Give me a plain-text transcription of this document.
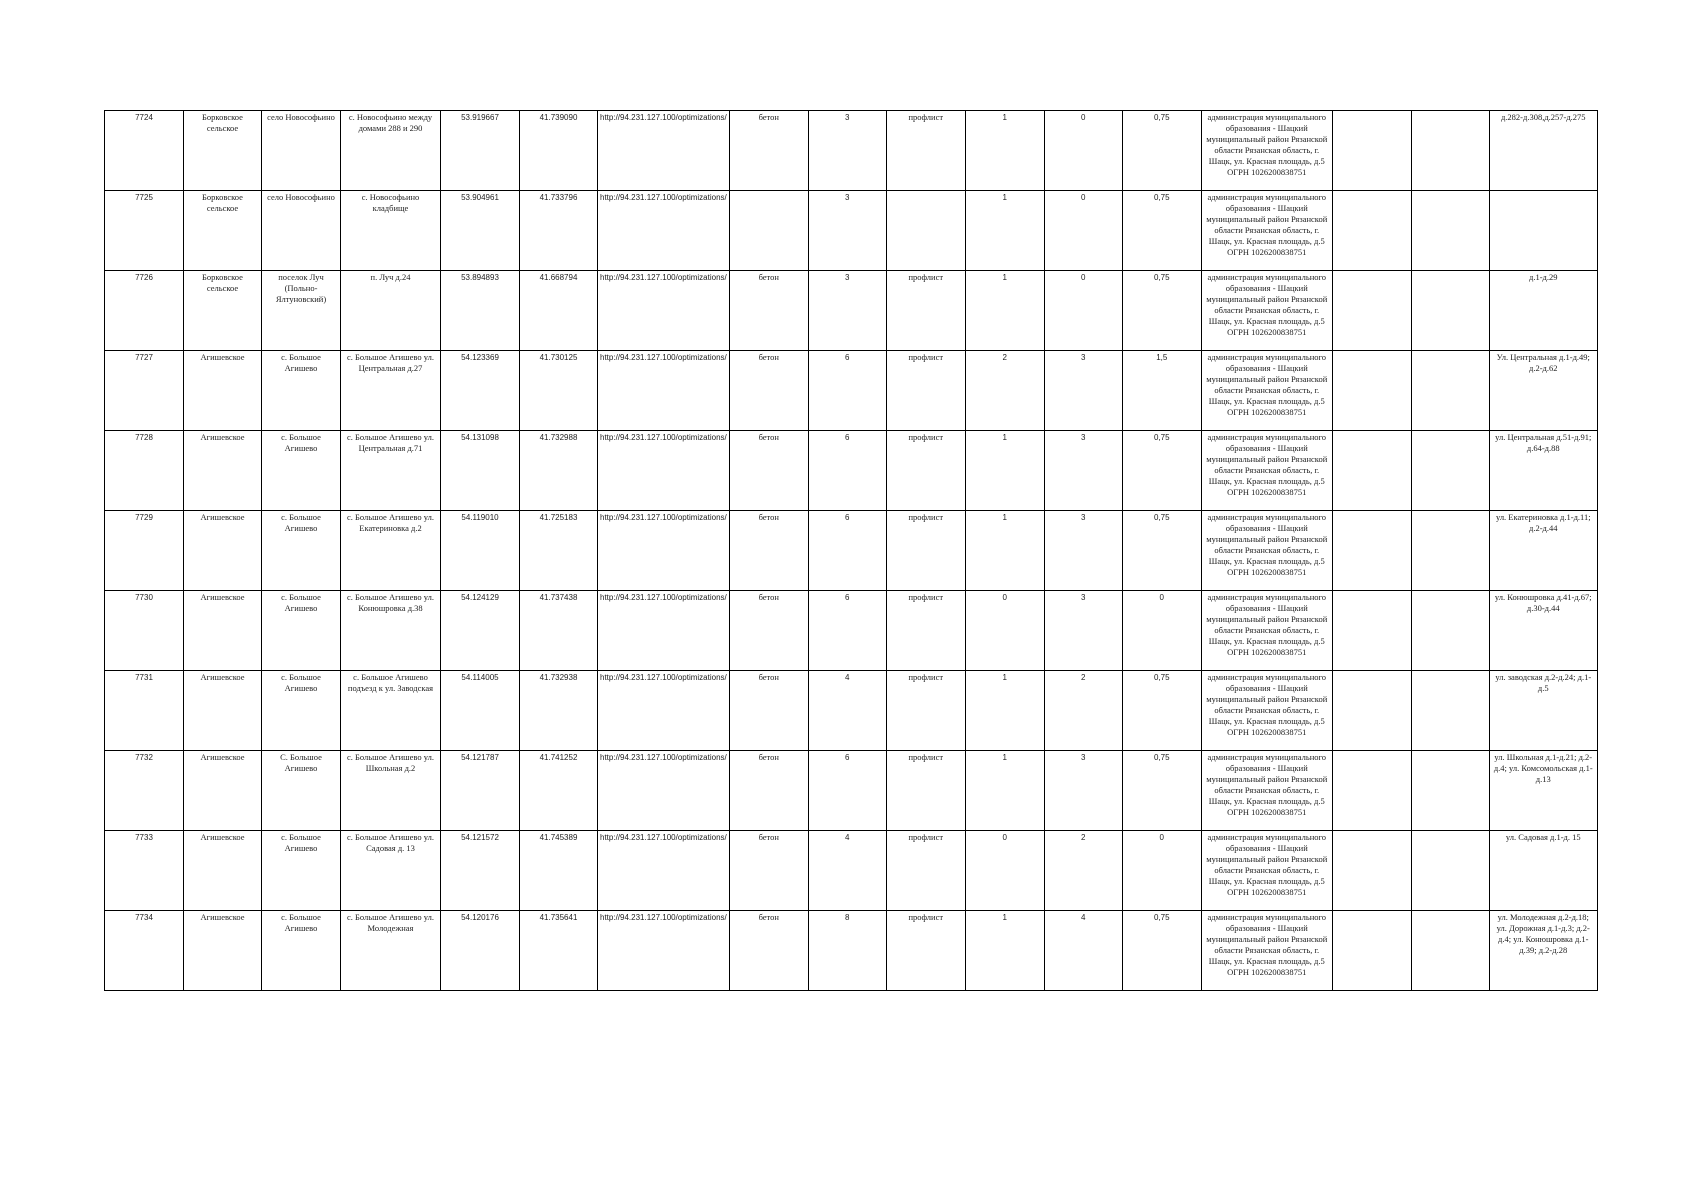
7724	Борковское сельское	село Новософьино	с. Новософьино между домами 288 и 290	53.919667	41.739090	http://94.231.127.100/optimizations/	бетон	3	профлист	1	0	0,75	администрация муниципального образования - Шацкий муниципальный район Рязанской области Рязанская область, г. Шацк, ул. Красная площадь, д.5 ОГРН 1026200838751			д.282-д.308,д.257-д.275
7725	Борковское сельское	село Новософьино	с. Новософьино кладбище	53.904961	41.733796	http://94.231.127.100/optimizations/		3		1	0	0,75	администрация муниципального образования - Шацкий муниципальный район Рязанской области Рязанская область, г. Шацк, ул. Красная площадь, д.5 ОГРН 1026200838751			
7726	Борковское сельское	поселок Луч (Польно-Ялтуновский)	п. Луч д.24	53.894893	41.668794	http://94.231.127.100/optimizations/	бетон	3	профлист	1	0	0,75	администрация муниципального образования - Шацкий муниципальный район Рязанской области Рязанская область, г. Шацк, ул. Красная площадь, д.5 ОГРН 1026200838751			д.1-д.29
7727	Агишевское	с. Большое Агишево	с. Большое Агишево ул. Центральная д.27	54.123369	41.730125	http://94.231.127.100/optimizations/	бетон	6	профлист	2	3	1,5	администрация муниципального образования - Шацкий муниципальный район Рязанской области Рязанская область, г. Шацк, ул. Красная площадь, д.5 ОГРН 1026200838751			Ул. Центральная д.1-д.49; д.2-д.62
7728	Агишевское	с. Большое Агишево	с. Большое Агишево ул. Центральная д.71	54.131098	41.732988	http://94.231.127.100/optimizations/	бетон	6	профлист	1	3	0,75	администрация муниципального образования - Шацкий муниципальный район Рязанской области Рязанская область, г. Шацк, ул. Красная площадь, д.5 ОГРН 1026200838751			ул. Центральная д.51-д.91; д.64-д.88
7729	Агишевское	с. Большое Агишево	с. Большое Агишево ул. Екатериновка д.2	54.119010	41.725183	http://94.231.127.100/optimizations/	бетон	6	профлист	1	3	0,75	администрация муниципального образования - Шацкий муниципальный район Рязанской области Рязанская область, г. Шацк, ул. Красная площадь, д.5 ОГРН 1026200838751			ул. Екатериновка д.1-д.11; д.2-д.44
7730	Агишевское	с. Большое Агишево	с. Большое Агишево ул. Конюшровка д.38	54.124129	41.737438	http://94.231.127.100/optimizations/	бетон	6	профлист	0	3	0	администрация муниципального образования - Шацкий муниципальный район Рязанской области Рязанская область, г. Шацк, ул. Красная площадь, д.5 ОГРН 1026200838751			ул. Конюшровка д.41-д.67; д.30-д.44
7731	Агишевское	с. Большое Агишево	с. Большое Агишево подъезд к ул. Заводская	54.114005	41.732938	http://94.231.127.100/optimizations/	бетон	4	профлист	1	2	0,75	администрация муниципального образования - Шацкий муниципальный район Рязанской области Рязанская область, г. Шацк, ул. Красная площадь, д.5 ОГРН 1026200838751			ул. заводская д.2-д.24; д.1-д.5
7732	Агишевское	С. Большое Агишево	с. Большое Агишево ул. Школьная д.2	54.121787	41.741252	http://94.231.127.100/optimizations/	бетон	6	профлист	1	3	0,75	администрация муниципального образования - Шацкий муниципальный район Рязанской области Рязанская область, г. Шацк, ул. Красная площадь, д.5 ОГРН 1026200838751			ул. Школьная д.1-д.21; д.2-д.4; ул. Комсомольская д.1-д.13
7733	Агишевское	с. Большое Агишево	с. Большое Агишево ул. Садовая д. 13	54.121572	41.745389	http://94.231.127.100/optimizations/	бетон	4	профлист	0	2	0	администрация муниципального образования - Шацкий муниципальный район Рязанской области Рязанская область, г. Шацк, ул. Красная площадь, д.5 ОГРН 1026200838751			ул. Садовая д.1-д. 15
7734	Агишевское	с. Большое Агишево	с. Большое Агишево ул. Молодежная	54.120176	41.735641	http://94.231.127.100/optimizations/	бетон	8	профлист	1	4	0,75	администрация муниципального образования - Шацкий муниципальный район Рязанской области Рязанская область, г. Шацк, ул. Красная площадь, д.5 ОГРН 1026200838751			ул. Молодежная д.2-д.18; ул. Дорожная д.1-д.3; д.2-д.4; ул. Конюшровка д.1-д.39; д.2-д.28
